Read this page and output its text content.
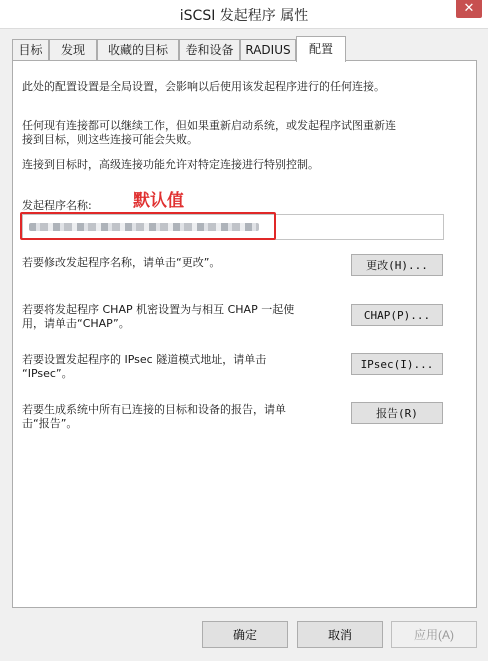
iSCSI 发起程序 属性	✕
目标	发现	收藏的目标	卷和设备 RADIUS	配置
此处的配置设置是全局设置，会影响以后使用该发起程序进行的任何连接。
任何现有连接都可以继续工作，但如果重新启动系统，或发起程序试图重新连
接到目标，则这些连接可能会失败。
连接到目标时，高级连接功能允许对特定连接进行特别控制。
发起程序名称: 默认值
若要修改发起程序名称，请单击“更改”。	更改(H)...
若要将发起程序 CHAP 机密设置为与相互 CHAP 一起使
用，请单击“CHAP”。
CHAP(P)...
若要设置发起程序的 IPsec 隧道模式地址，请单击
“IPsec”。
IPsec(I)...
若要生成系统中所有已连接的目标和设备的报告，请单
击“报告”。
报告(R)
确定	取消	应用(A)
